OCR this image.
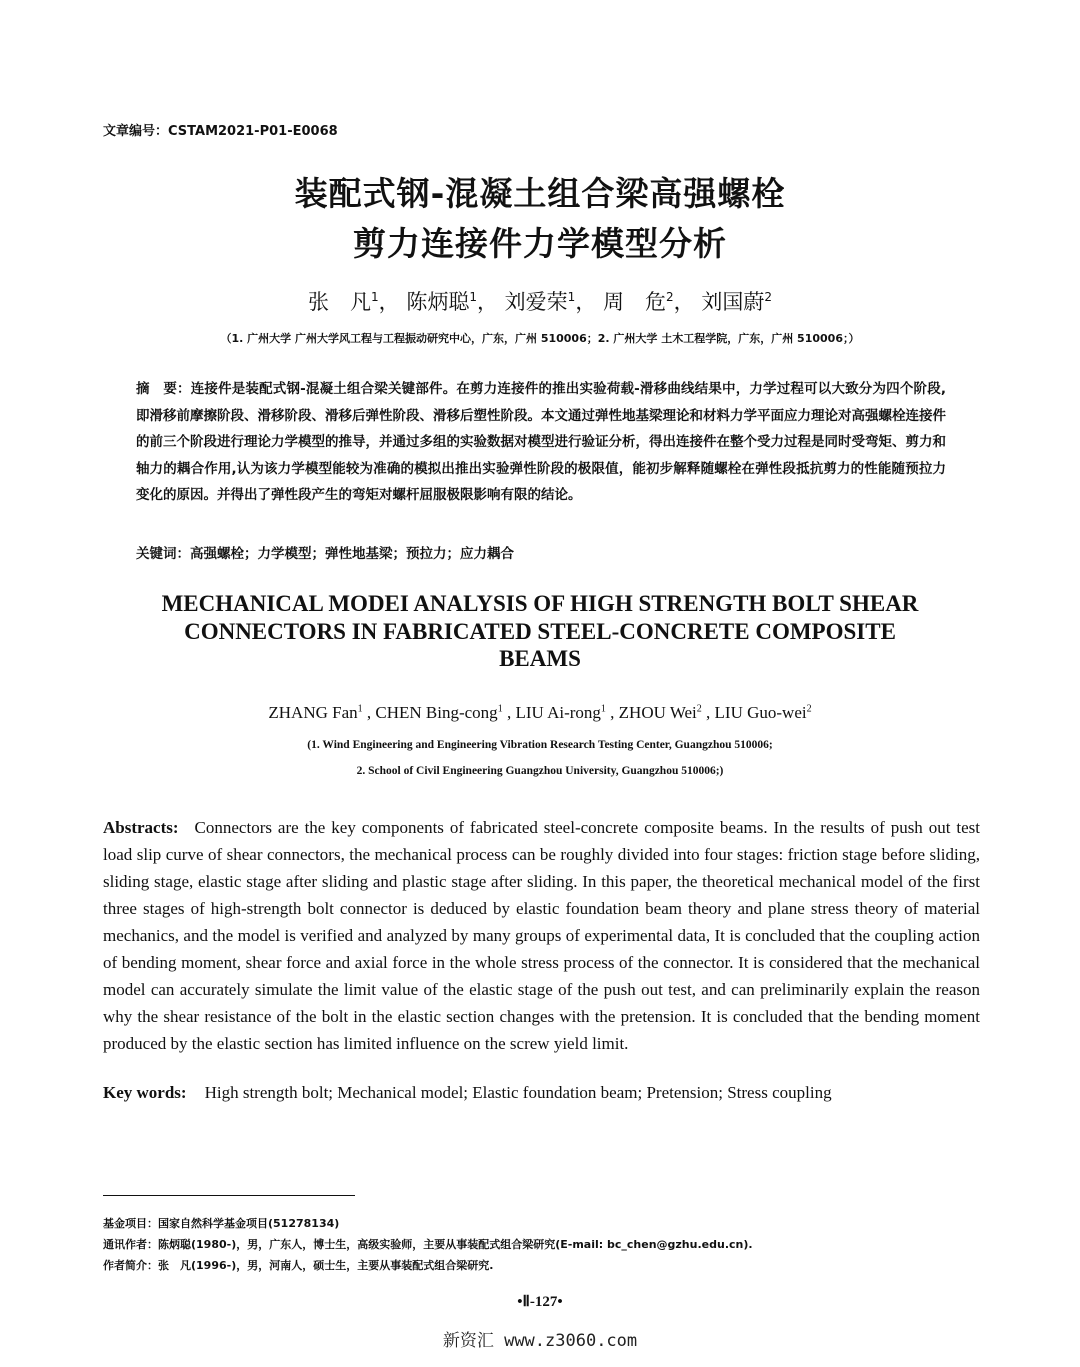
文章编号：CSTAM2021-P01-E0068
装配式钢-混凝土组合梁高强螺栓
剪力连接件力学模型分析
张　凡$^1$， 陈炳聪$^1$， 刘爱荣$^1$， 周　危$^2$， 刘国蔚$^2$
（1. 广州大学 广州大学风工程与工程振动研究中心，广东，广州 510006；2. 广州大学 土木工程学院，广东，广州 510006；）
摘　要：连接件是装配式钢-混凝土组合梁关键部件。在剪力连接件的推出实验荷载-滑移曲线结果中，力学过程可以大致分为四个阶段,即滑移前摩擦阶段、滑移阶段、滑移后弹性阶段、滑移后塑性阶段。本文通过弹性地基梁理论和材料力学平面应力理论对高强螺栓连接件的前三个阶段进行理论力学模型的推导，并通过多组的实验数据对模型进行验证分析，得出连接件在整个受力过程是同时受弯矩、剪力和轴力的耦合作用,认为该力学模型能较为准确的模拟出推出实验弹性阶段的极限值，能初步解释随螺栓在弹性段抵抗剪力的性能随预拉力变化的原因。并得出了弹性段产生的弯矩对螺杆屈服极限影响有限的结论。
关键词：高强螺栓；力学模型；弹性地基梁；预拉力；应力耦合
MECHANICAL MODEI ANALYSIS OF HIGH STRENGTH BOLT SHEAR
CONNECTORS IN FABRICATED STEEL-CONCRETE COMPOSITE
BEAMS
ZHANG Fan$^1$ , CHEN Bing-cong$^1$ , LIU Ai-rong$^1$ , ZHOU Wei$^2$ , LIU Guo-wei$^2$
(1. Wind Engineering and Engineering Vibration Research Testing Center, Guangzhou 510006;
2. School of Civil Engineering Guangzhou University, Guangzhou 510006;)
Abstracts: Connectors are the key components of fabricated steel-concrete composite beams. In the results of push out test load slip curve of shear connectors, the mechanical process can be roughly divided into four stages: friction stage before sliding, sliding stage, elastic stage after sliding and plastic stage after sliding. In this paper, the theoretical mechanical model of the first three stages of high-strength bolt connector is deduced by elastic foundation beam theory and plane stress theory of material mechanics, and the model is verified and analyzed by many groups of experimental data, It is concluded that the coupling action of bending moment, shear force and axial force in the whole stress process of the connector. It is considered that the mechanical model can accurately simulate the limit value of the elastic stage of the push out test, and can preliminarily explain the reason why the shear resistance of the bolt in the elastic section changes with the pretension. It is concluded that the bending moment produced by the elastic section has limited influence on the screw yield limit.
Key words: High strength bolt; Mechanical model; Elastic foundation beam; Pretension; Stress coupling
基金项目：国家自然科学基金项目(51278134)
通讯作者：陈炳聪(1980-)，男，广东人，博士生，高级实验师，主要从事装配式组合梁研究(E-mail: bc_chen@gzhu.edu.cn).
作者简介：张　凡(1996-)，男，河南人，硕士生，主要从事装配式组合梁研究.
•Ⅱ-127•
新资汇 www.z3060.com
